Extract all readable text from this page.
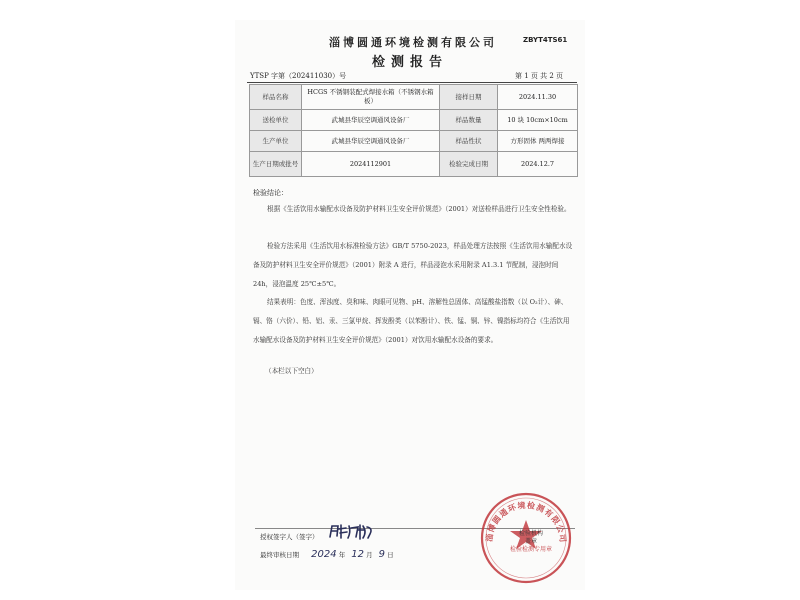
淄博圆通环境检测有限公司	ZBYT4TS61
检测报告
YTSP 字第（202411030）号	第 1 页 共 2 页
样品名称	HCGS 不锈钢装配式焊接水箱（不锈钢水箱板）	接样日期	2024.11.30
送检单位	武城县华辰空调通风设备厂	样品数量	10 块 10cm×10cm
生产单位	武城县华辰空调通风设备厂	样品性状	方形固体 两两焊接
生产日期或批号	2024112901	检验完成日期	2024.12.7
检验结论：
根据《生活饮用水输配水设备及防护材料卫生安全评价规范》（2001）对送检样品进行卫生安全性检验。
检验方法采用《生活饮用水标准检验方法》GB/T 5750-2023，样品处理方法按照《生活饮用水输配水设备及防护材料卫生安全评价规范》（2001）附录 A 进行，样品浸泡水采用附录 A1.3.1 节配制，浸泡时间 24h，浸泡温度 25℃±5℃。
结果表明：色度、浑浊度、臭和味、肉眼可见物、pH、溶解性总固体、高锰酸盐指数（以 O₂计）、砷、镉、铬（六价）、铅、铝、汞、三氯甲烷、挥发酚类（以苯酚计）、铁、锰、铜、锌、镍指标均符合《生活饮用水输配水设备及防护材料卫生安全评价规范》（2001）对饮用水输配水设备的要求。
（本栏以下空白）
授权签字人（签字）
最终审核日期 2024 年 12 月 9 日
淄博圆通环境检测有限公司
检验机构
盖章
检验检测专用章
